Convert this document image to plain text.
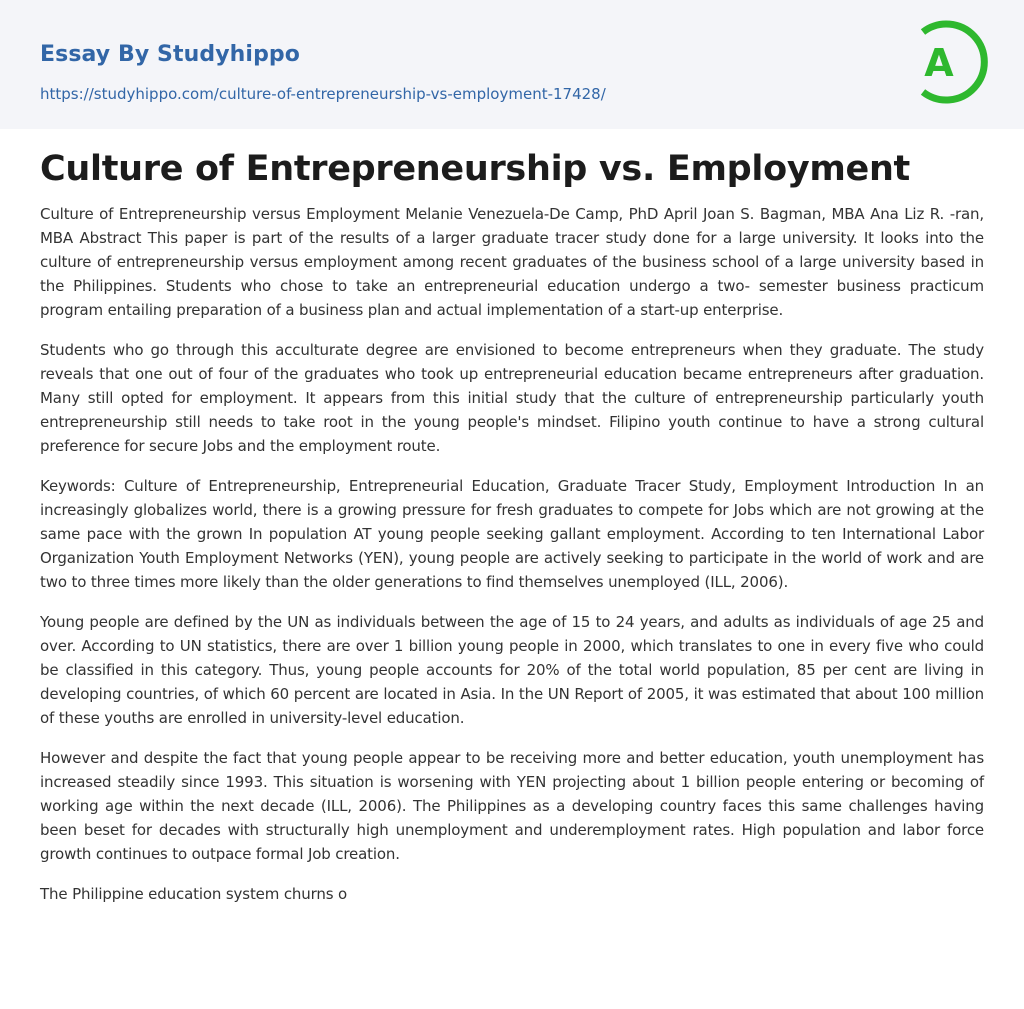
Essay By Studyhippo
https://studyhippo.com/culture-of-entrepreneurship-vs-employment-17428/
A
Culture of Entrepreneurship vs. Employment

Culture of Entrepreneurship versus Employment Melanie Venezuela-De Camp, PhD April Joan S. Bagman, MBA Ana Liz R. -ran, MBA Abstract This paper is part of the results of a larger graduate tracer study done for a large university. It looks into the culture of entrepreneurship versus employment among recent graduates of the business school of a large university based in the Philippines. Students who chose to take an entrepreneurial education undergo a two- semester business practicum program entailing preparation of a business plan and actual implementation of a start-up enterprise.

Students who go through this acculturate degree are envisioned to become entrepreneurs when they graduate. The study reveals that one out of four of the graduates who took up entrepreneurial education became entrepreneurs after graduation. Many still opted for employment. It appears from this initial study that the culture of entrepreneurship particularly youth entrepreneurship still needs to take root in the young people's mindset. Filipino youth continue to have a strong cultural preference for secure Jobs and the employment route.

Keywords: Culture of Entrepreneurship, Entrepreneurial Education, Graduate Tracer Study, Employment Introduction In an increasingly globalizes world, there is a growing pressure for fresh graduates to compete for Jobs which are not growing at the same pace with the grown In population AT young people seeking gallant employment. According to ten International Labor Organization Youth Employment Networks (YEN), young people are actively seeking to participate in the world of work and are two to three times more likely than the older generations to find themselves unemployed (ILL, 2006).

Young people are defined by the UN as individuals between the age of 15 to 24 years, and adults as individuals of age 25 and over. According to UN statistics, there are over 1 billion young people in 2000, which translates to one in every five who could be classified in this category. Thus, young people accounts for 20% of the total world population, 85 per cent are living in developing countries, of which 60 percent are located in Asia. In the UN Report of 2005, it was estimated that about 100 million of these youths are enrolled in university-level education.

However and despite the fact that young people appear to be receiving more and better education, youth unemployment has increased steadily since 1993. This situation is worsening with YEN projecting about 1 billion people entering or becoming of working age within the next decade (ILL, 2006). The Philippines as a developing country faces this same challenges having been beset for decades with structurally high unemployment and underemployment rates. High population and labor force growth continues to outpace formal Job creation.

The Philippine education system churns o
